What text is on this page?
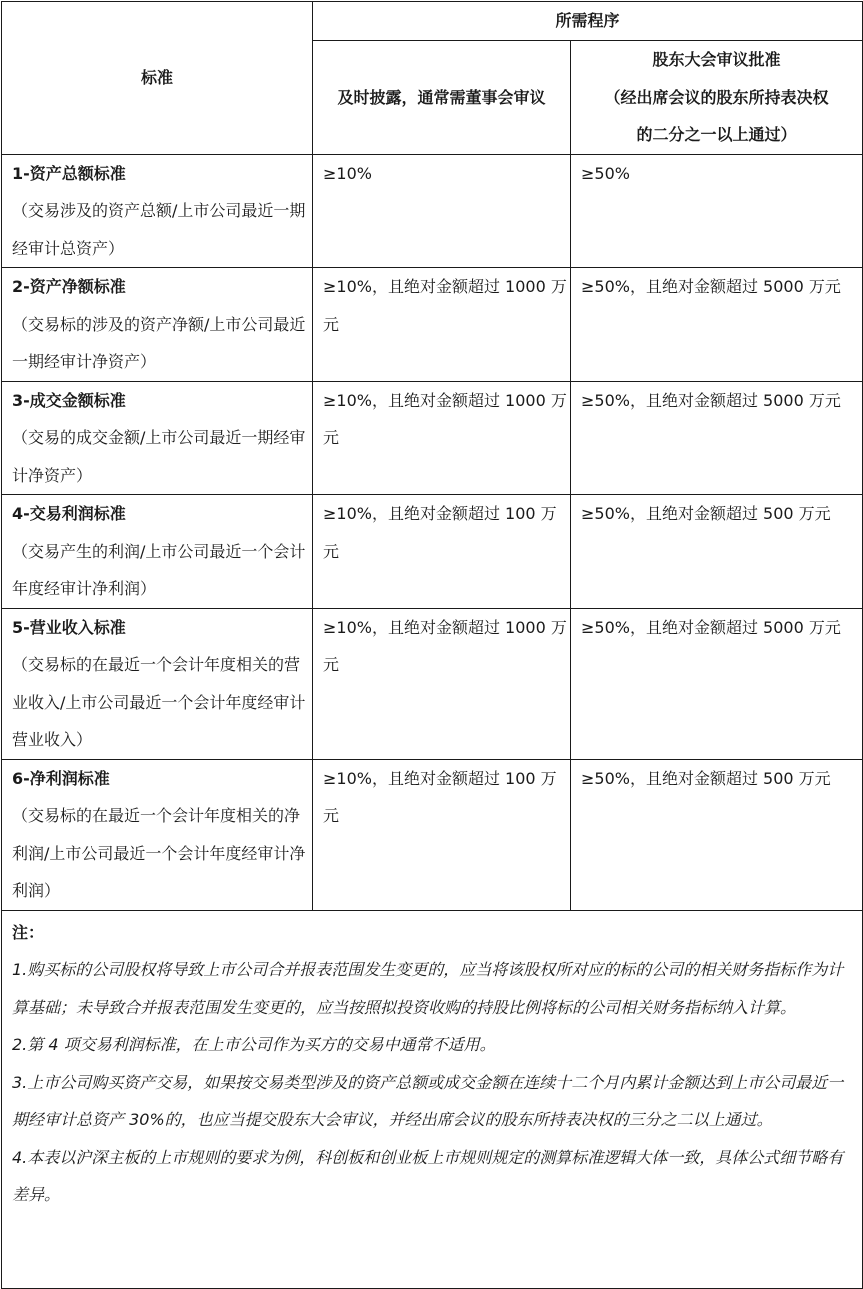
标准	所需程序	
	及时披露，通常需董事会审议	股东大会审议批准
（经出席会议的股东所持表决权
的二分之一以上通过）

1-资产总额标准
（交易涉及的资产总额/上市公司最近一期经审计总资产）	≥10%	≥50%

2-资产净额标准
（交易标的涉及的资产净额/上市公司最近一期经审计净资产）	≥10%，且绝对金额超过 1000 万元	≥50%，且绝对金额超过 5000 万元

3-成交金额标准
（交易的成交金额/上市公司最近一期经审计净资产）	≥10%，且绝对金额超过 1000 万元	≥50%，且绝对金额超过 5000 万元

4-交易利润标准
（交易产生的利润/上市公司最近一个会计年度经审计净利润）	≥10%，且绝对金额超过 100 万元	≥50%，且绝对金额超过 500 万元

5-营业收入标准
（交易标的在最近一个会计年度相关的营业收入/上市公司最近一个会计年度经审计营业收入）	≥10%，且绝对金额超过 1000 万元	≥50%，且绝对金额超过 5000 万元

6-净利润标准
（交易标的在最近一个会计年度相关的净利润/上市公司最近一个会计年度经审计净利润）	≥10%，且绝对金额超过 100 万元	≥50%，且绝对金额超过 500 万元

注：
1.购买标的公司股权将导致上市公司合并报表范围发生变更的，应当将该股权所对应的标的公司的相关财务指标作为计算基础；未导致合并报表范围发生变更的，应当按照拟投资收购的持股比例将标的公司相关财务指标纳入计算。
2.第 4 项交易利润标准，在上市公司作为买方的交易中通常不适用。
3.上市公司购买资产交易，如果按交易类型涉及的资产总额或成交金额在连续十二个月内累计金额达到上市公司最近一期经审计总资产 30%的，也应当提交股东大会审议，并经出席会议的股东所持表决权的三分之二以上通过。
4.本表以沪深主板的上市规则的要求为例，科创板和创业板上市规则规定的测算标准逻辑大体一致，具体公式细节略有差异。		
